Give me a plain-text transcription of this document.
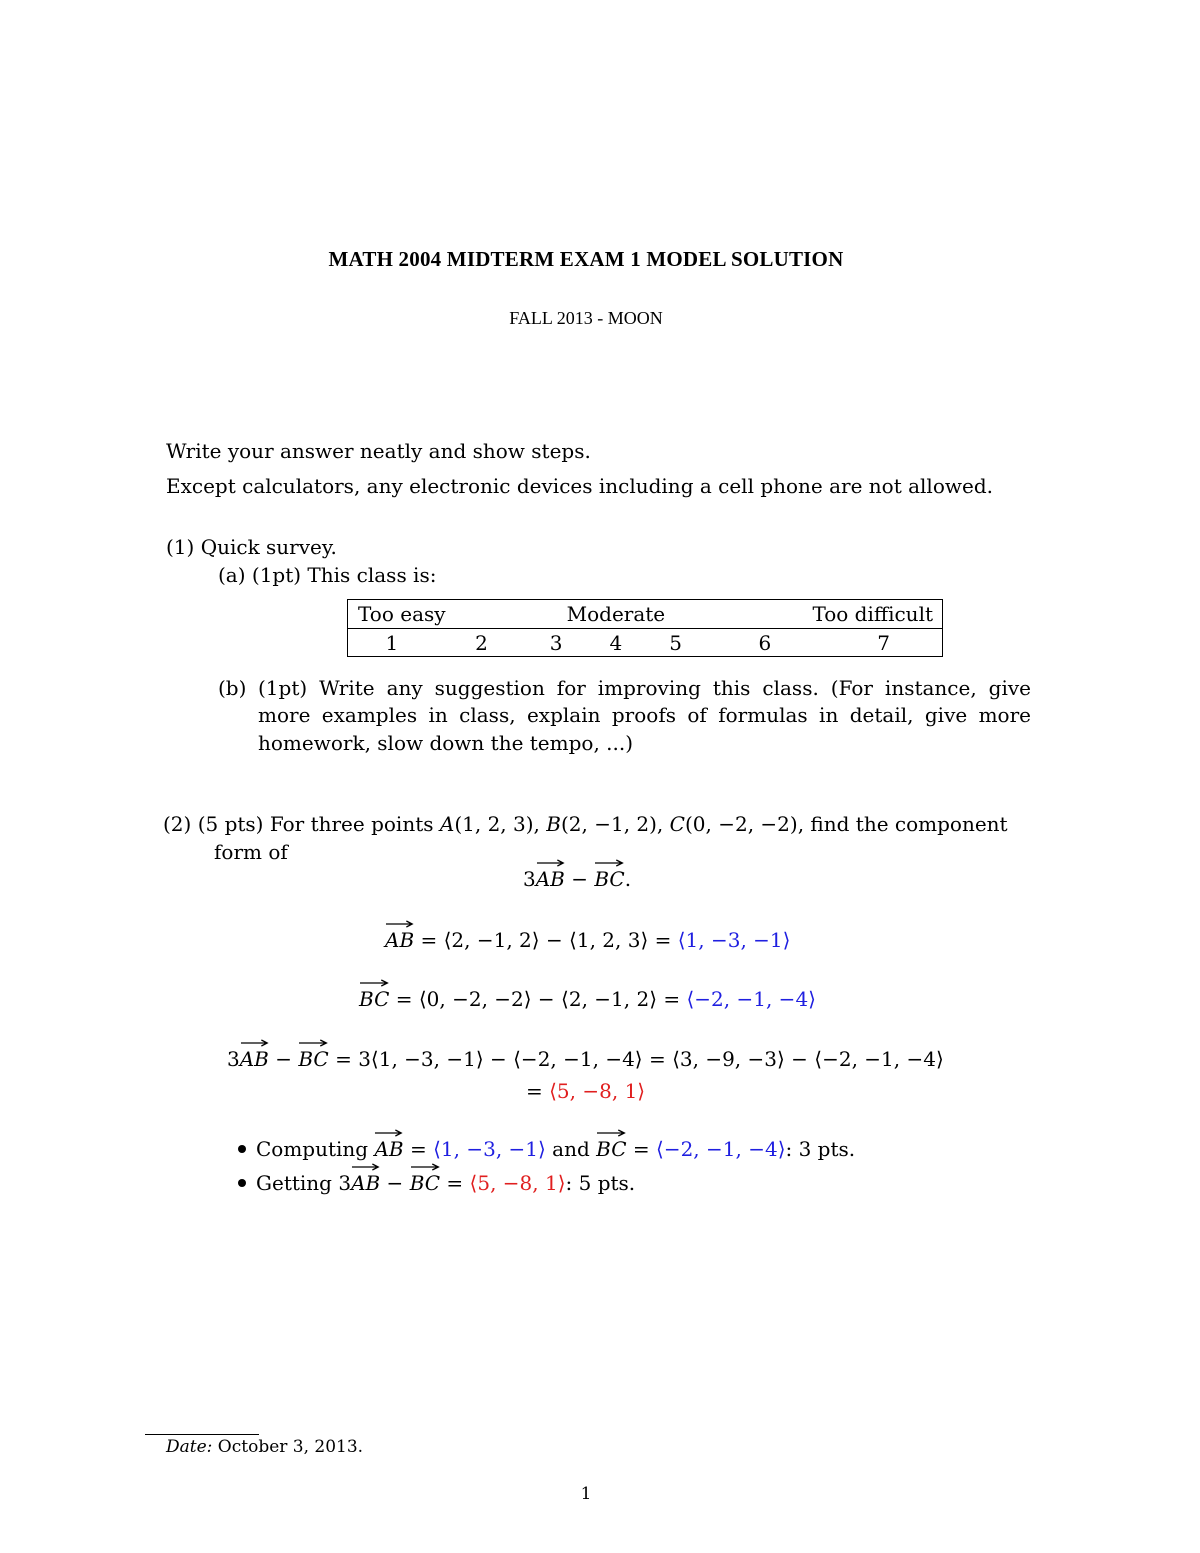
MATH 2004 MIDTERM EXAM 1 MODEL SOLUTION
FALL 2013 - MOON
Write your answer neatly and show steps.
Except calculators, any electronic devices including a cell phone are not allowed.
(1) Quick survey.
(a) (1pt) This class is:
Too easy		Moderate			Too difficult	
1	2	3	4	5	6	7
(b) (1pt) Write any suggestion for improving this class. (For instance, give
more examples in class, explain proofs of formulas in detail, give more
homework, slow down the tempo, ...)
(2) (5 pts) For three points A(1, 2, 3), B(2, −1, 2), C(0, −2, −2), find the component
form of
3
AB −
BC.
AB = ⟨2, −1, 2⟩ − ⟨1, 2, 3⟩ = ⟨1, −3, −1⟩
BC = ⟨0, −2, −2⟩ − ⟨2, −1, 2⟩ = ⟨−2, −1, −4⟩
3
AB −
BC = 3⟨1, −3, −1⟩ − ⟨−2, −1, −4⟩ = ⟨3, −9, −3⟩ − ⟨−2, −1, −4⟩
= ⟨5, −8, 1⟩
Computing
AB = ⟨1, −3, −1⟩ and
BC = ⟨−2, −1, −4⟩: 3 pts.
Getting 3
AB −
BC = ⟨5, −8, 1⟩: 5 pts.
Date: October 3, 2013.
1
